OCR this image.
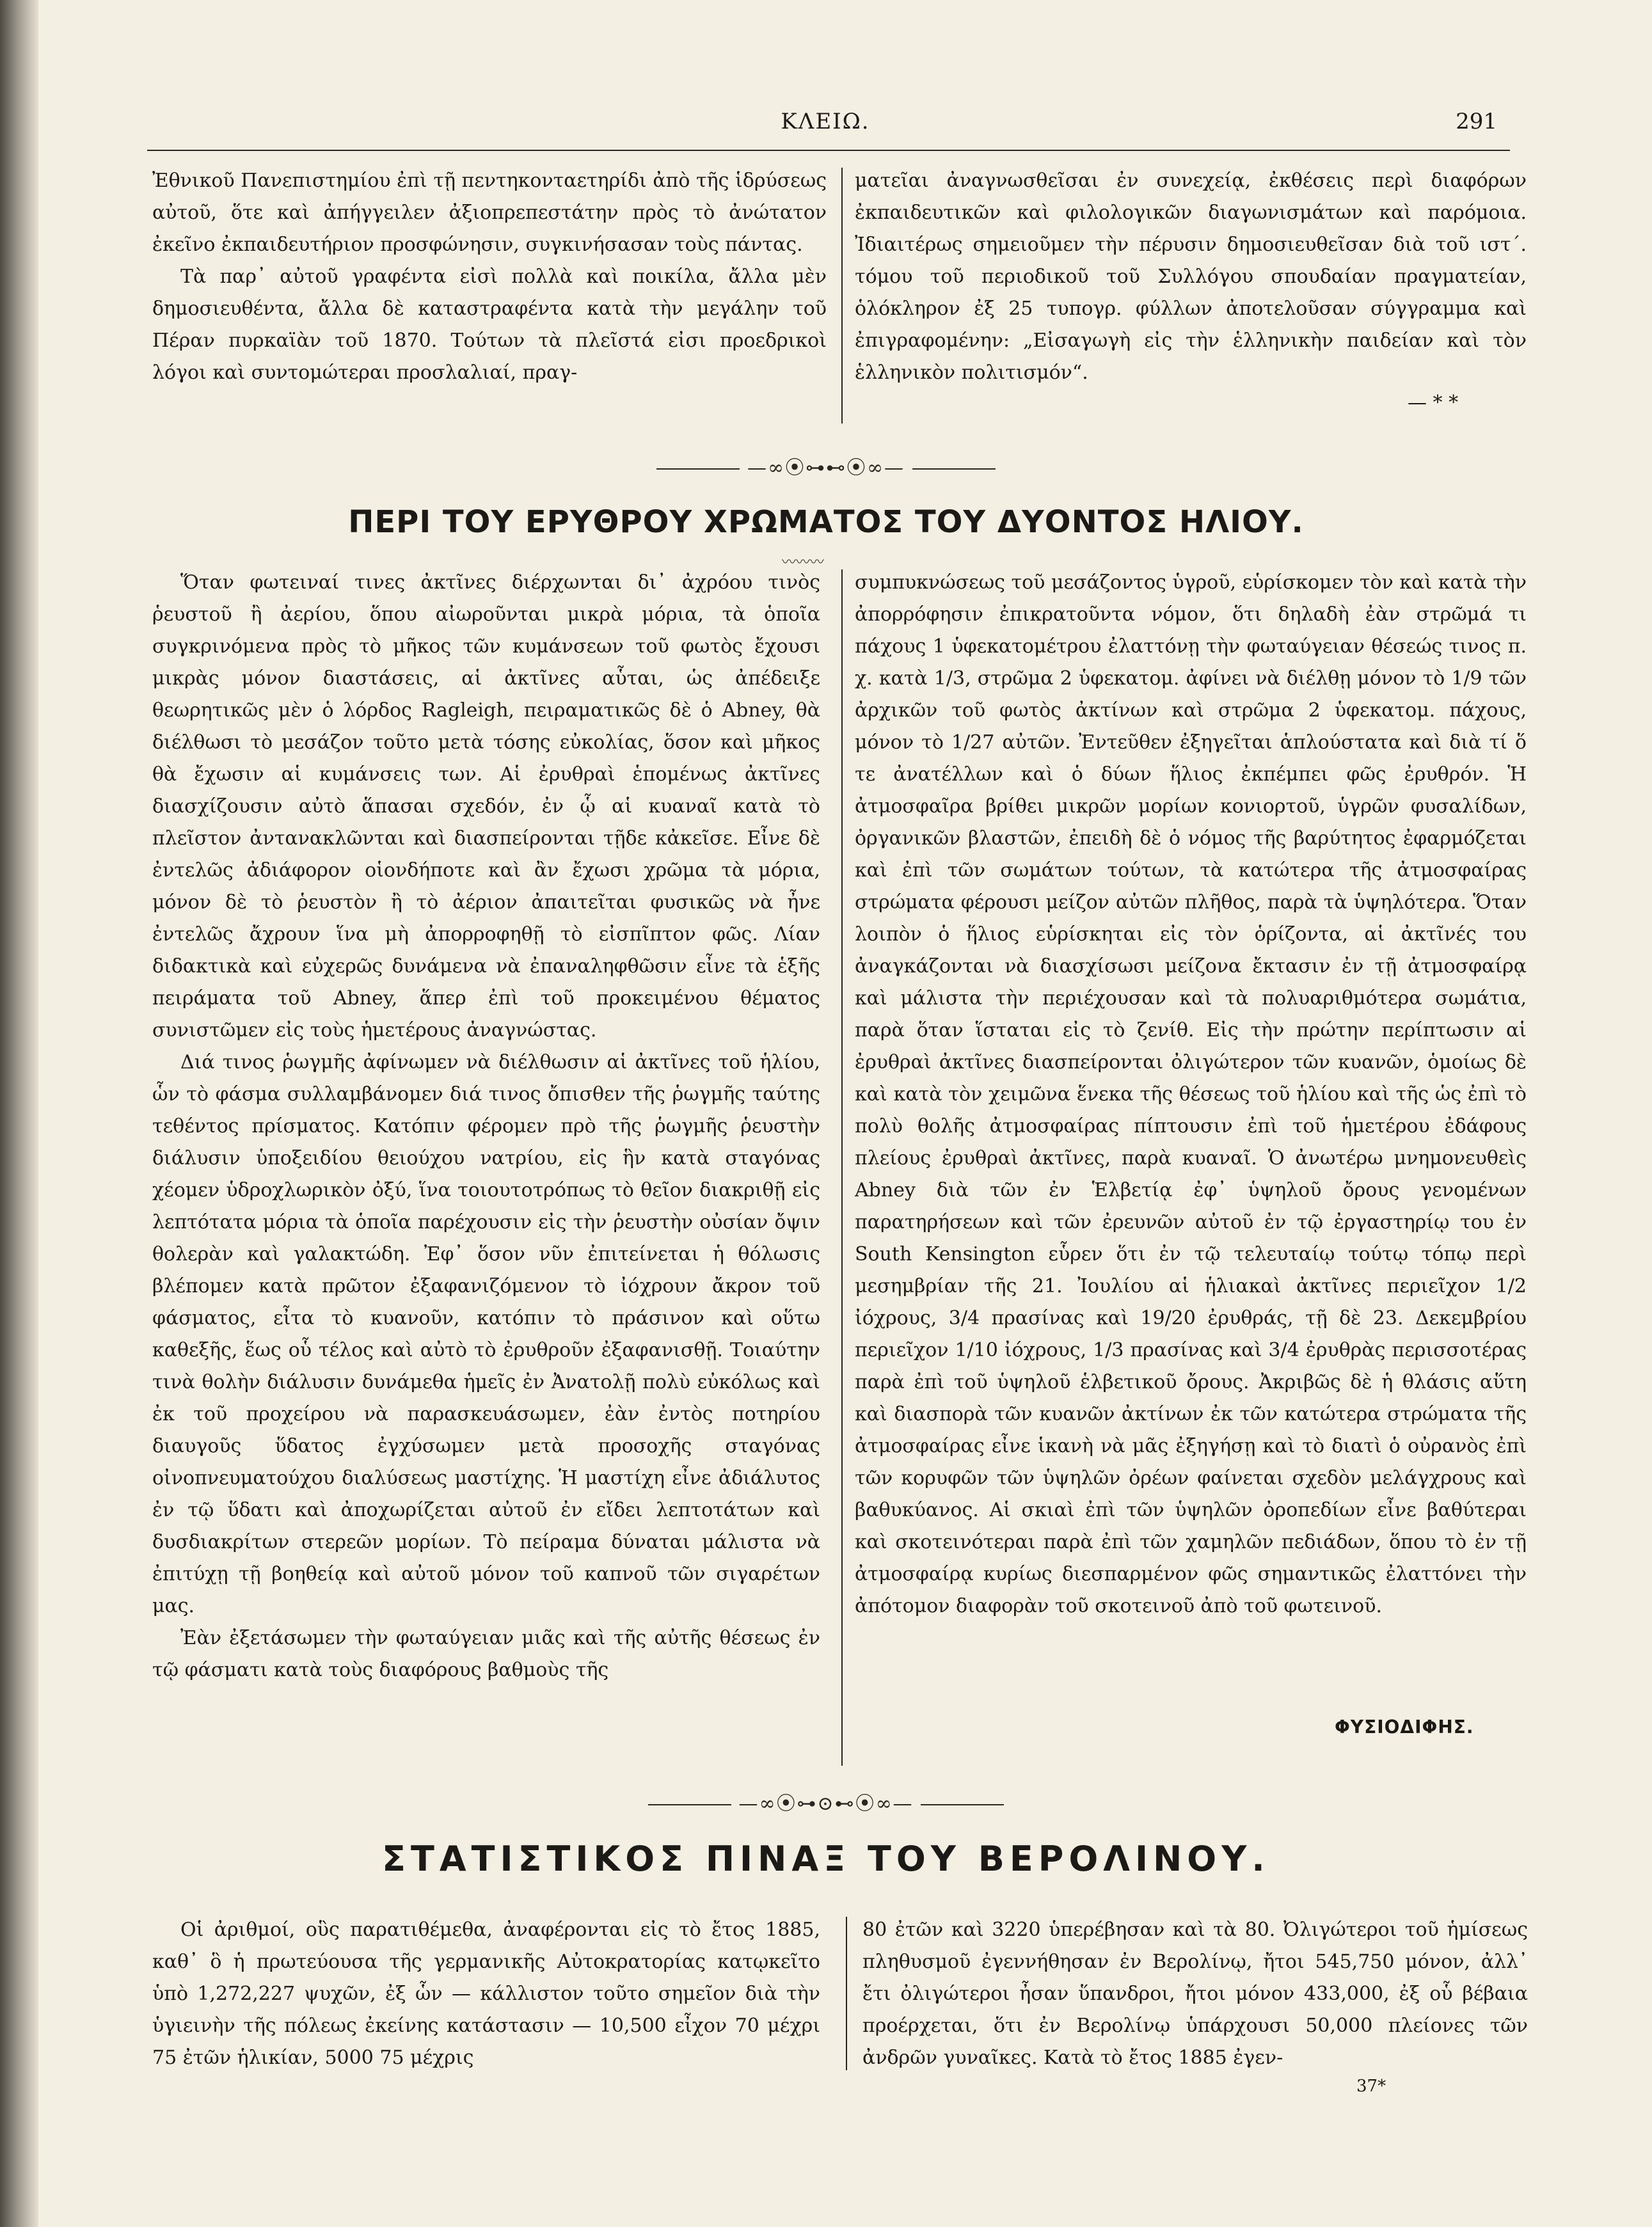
ΚΛΕΙΩ.	291

Ἐθνικοῦ Πανεπιστημίου ἐπὶ τῇ πεντηκονταετηρίδι ἀπὸ τῆς ἱδρύσεως αὐτοῦ, ὅτε καὶ ἀπήγγειλεν ἀξιοπρεπεστάτην πρὸς τὸ ἀνώτατον ἐκεῖνο ἐκπαιδευτήριον προσφώνησιν, συγκινήσασαν τοὺς πάντας.

Τὰ παρ᾽ αὐτοῦ γραφέντα εἰσὶ πολλὰ καὶ ποικίλα, ἄλλα μὲν δημοσιευθέντα, ἄλλα δὲ καταστραφέντα κατὰ τὴν μεγάλην τοῦ Πέραν πυρκαϊὰν τοῦ 1870. Τούτων τὰ πλεῖστά εἰσι προεδρικοὶ λόγοι καὶ συντομώτεραι προσλαλιαί, πραγ-

ματεῖαι ἀναγνωσθεῖσαι ἐν συνεχείᾳ, ἐκθέσεις περὶ διαφόρων ἐκπαιδευτικῶν καὶ φιλολογικῶν διαγωνισμάτων καὶ παρόμοια. Ἰδιαιτέρως σημειοῦμεν τὴν πέρυσιν δημοσιευθεῖσαν διὰ τοῦ ιστ΄. τόμου τοῦ περιοδικοῦ τοῦ Συλλόγου σπουδαίαν πραγματείαν, ὁλόκληρον ἐξ 25 τυπογρ. φύλλων ἀποτελοῦσαν σύγγραμμα καὶ ἐπιγραφομένην: „Εἰσαγωγὴ εἰς τὴν ἑλληνικὴν παιδείαν καὶ τὸν ἑλληνικὸν πολιτισμόν“.

— * *
—∞⦿⊶⊷⦿∞—
ΠΕΡΙ ΤΟΥ ΕΡΥΘΡΟΥ ΧΡΩΜΑΤΟΣ ΤΟΥ ΔΥΟΝΤΟΣ ΗΛΙΟΥ.
〰〰〰

Ὅταν φωτειναί τινες ἀκτῖνες διέρχωνται δι᾽ ἀχρόου τινὸς ῥευστοῦ ἢ ἀερίου, ὅπου αἰωροῦνται μικρὰ μόρια, τὰ ὁποῖα συγκρινόμενα πρὸς τὸ μῆκος τῶν κυμάνσεων τοῦ φωτὸς ἔχουσι μικρὰς μόνον διαστάσεις, αἱ ἀκτῖνες αὗται, ὡς ἀπέδειξε θεωρητικῶς μὲν ὁ λόρδος Ragleigh, πειραματικῶς δὲ ὁ Abney, θὰ διέλθωσι τὸ μεσάζον τοῦτο μετὰ τόσης εὐκολίας, ὅσον καὶ μῆκος θὰ ἔχωσιν αἱ κυμάνσεις των. Αἱ ἐρυθραὶ ἑπομένως ἀκτῖνες διασχίζουσιν αὐτὸ ἅπασαι σχεδόν, ἐν ᾧ αἱ κυαναῖ κατὰ τὸ πλεῖστον ἀντανακλῶνται καὶ διασπείρονται τῇδε κἀκεῖσε. Εἶνε δὲ ἐντελῶς ἀδιάφορον οἱονδήποτε καὶ ἂν ἔχωσι χρῶμα τὰ μόρια, μόνον δὲ τὸ ῥευστὸν ἢ τὸ ἀέριον ἀπαιτεῖται φυσικῶς νὰ ἦνε ἐντελῶς ἄχρουν ἵνα μὴ ἀπορροφηθῇ τὸ εἰσπῖπτον φῶς. Λίαν διδακτικὰ καὶ εὐχερῶς δυνάμενα νὰ ἐπαναληφθῶσιν εἶνε τὰ ἑξῆς πειράματα τοῦ Abney, ἅπερ ἐπὶ τοῦ προκειμένου θέματος συνιστῶμεν εἰς τοὺς ἡμετέρους ἀναγνώστας.

Διά τινος ῥωγμῆς ἀφίνωμεν νὰ διέλθωσιν αἱ ἀκτῖνες τοῦ ἡλίου, ὧν τὸ φάσμα συλλαμβάνομεν διά τινος ὄπισθεν τῆς ῥωγμῆς ταύτης τεθέντος πρίσματος. Κατόπιν φέρομεν πρὸ τῆς ῥωγμῆς ῥευστὴν διάλυσιν ὑποξειδίου θειούχου νατρίου, εἰς ἣν κατὰ σταγόνας χέομεν ὑδροχλωρικὸν ὀξύ, ἵνα τοιουτοτρόπως τὸ θεῖον διακριθῇ εἰς λεπτότατα μόρια τὰ ὁποῖα παρέχουσιν εἰς τὴν ῥευστὴν οὐσίαν ὄψιν θολερὰν καὶ γαλακτώδη. Ἐφ᾽ ὅσον νῦν ἐπιτείνεται ἡ θόλωσις βλέπομεν κατὰ πρῶτον ἐξαφανιζόμενον τὸ ἰόχρουν ἄκρον τοῦ φάσματος, εἶτα τὸ κυανοῦν, κατόπιν τὸ πράσινον καὶ οὕτω καθεξῆς, ἕως οὗ τέλος καὶ αὐτὸ τὸ ἐρυθροῦν ἐξαφανισθῇ. Τοιαύτην τινὰ θολὴν διάλυσιν δυνάμεθα ἡμεῖς ἐν Ἀνατολῇ πολὺ εὐκόλως καὶ ἐκ τοῦ προχείρου νὰ παρασκευάσωμεν, ἐὰν ἐντὸς ποτηρίου διαυγοῦς ὕδατος ἐγχύσωμεν μετὰ προσοχῆς σταγόνας οἰνοπνευματούχου διαλύσεως μαστίχης. Ἡ μαστίχη εἶνε ἀδιάλυτος ἐν τῷ ὕδατι καὶ ἀποχωρίζεται αὐτοῦ ἐν εἴδει λεπτοτάτων καὶ δυσδιακρίτων στερεῶν μορίων. Τὸ πείραμα δύναται μάλιστα νὰ ἐπιτύχῃ τῇ βοηθείᾳ καὶ αὐτοῦ μόνον τοῦ καπνοῦ τῶν σιγαρέτων μας.

Ἐὰν ἐξετάσωμεν τὴν φωταύγειαν μιᾶς καὶ τῆς αὐτῆς θέσεως ἐν τῷ φάσματι κατὰ τοὺς διαφόρους βαθμοὺς τῆς

συμπυκνώσεως τοῦ μεσάζοντος ὑγροῦ, εὑρίσκομεν τὸν καὶ κατὰ τὴν ἀπορρόφησιν ἐπικρατοῦντα νόμον, ὅτι δηλαδὴ ἐὰν στρῶμά τι πάχους 1 ὑφεκατομέτρου ἐλαττόνῃ τὴν φωταύγειαν θέσεώς τινος π. χ. κατὰ 1/3, στρῶμα 2 ὑφεκατομ. ἀφίνει νὰ διέλθῃ μόνον τὸ 1/9 τῶν ἀρχικῶν τοῦ φωτὸς ἀκτίνων καὶ στρῶμα 2 ὑφεκατομ. πάχους, μόνον τὸ 1/27 αὐτῶν. Ἐντεῦθεν ἐξηγεῖται ἁπλούστατα καὶ διὰ τί ὅ τε ἀνατέλλων καὶ ὁ δύων ἥλιος ἐκπέμπει φῶς ἐρυθρόν. Ἡ ἀτμοσφαῖρα βρίθει μικρῶν μορίων κονιορτοῦ, ὑγρῶν φυσαλίδων, ὀργανικῶν βλαστῶν, ἐπειδὴ δὲ ὁ νόμος τῆς βαρύτητος ἐφαρμόζεται καὶ ἐπὶ τῶν σωμάτων τούτων, τὰ κατώτερα τῆς ἀτμοσφαίρας στρώματα φέρουσι μείζον αὐτῶν πλῆθος, παρὰ τὰ ὑψηλότερα. Ὅταν λοιπὸν ὁ ἥλιος εὑρίσκηται εἰς τὸν ὁρίζοντα, αἱ ἀκτῖνές του ἀναγκάζονται νὰ διασχίσωσι μείζονα ἔκτασιν ἐν τῇ ἀτμοσφαίρᾳ καὶ μάλιστα τὴν περιέχουσαν καὶ τὰ πολυαριθμότερα σωμάτια, παρὰ ὅταν ἵσταται εἰς τὸ ζενίθ. Εἰς τὴν πρώτην περίπτωσιν αἱ ἐρυθραὶ ἀκτῖνες διασπείρονται ὀλιγώτερον τῶν κυανῶν, ὁμοίως δὲ καὶ κατὰ τὸν χειμῶνα ἕνεκα τῆς θέσεως τοῦ ἡλίου καὶ τῆς ὡς ἐπὶ τὸ πολὺ θολῆς ἀτμοσφαίρας πίπτουσιν ἐπὶ τοῦ ἡμετέρου ἐδάφους πλείους ἐρυθραὶ ἀκτῖνες, παρὰ κυαναῖ. Ὁ ἀνωτέρω μνημονευθεὶς Abney διὰ τῶν ἐν Ἑλβετίᾳ ἐφ᾽ ὑψηλοῦ ὄρους γενομένων παρατηρήσεων καὶ τῶν ἐρευνῶν αὐτοῦ ἐν τῷ ἐργαστηρίῳ του ἐν South Kensington εὗρεν ὅτι ἐν τῷ τελευταίῳ τούτῳ τόπῳ περὶ μεσημβρίαν τῆς 21. Ἰουλίου αἱ ἡλιακαὶ ἀκτῖνες περιεῖχον 1/2 ἰόχρους, 3/4 πρασίνας καὶ 19/20 ἐρυθράς, τῇ δὲ 23. Δεκεμβρίου περιεῖχον 1/10 ἰόχρους, 1/3 πρασίνας καὶ 3/4 ἐρυθρὰς περισσοτέρας παρὰ ἐπὶ τοῦ ὑψηλοῦ ἑλβετικοῦ ὄρους. Ἀκριβῶς δὲ ἡ θλάσις αὕτη καὶ διασπορὰ τῶν κυανῶν ἀκτίνων ἐκ τῶν κατώτερα στρώματα τῆς ἀτμοσφαίρας εἶνε ἱκανὴ νὰ μᾶς ἐξηγήσῃ καὶ τὸ διατὶ ὁ οὐρανὸς ἐπὶ τῶν κορυφῶν τῶν ὑψηλῶν ὀρέων φαίνεται σχεδὸν μελάγχρους καὶ βαθυκύανος. Αἱ σκιαὶ ἐπὶ τῶν ὑψηλῶν ὀροπεδίων εἶνε βαθύτεραι καὶ σκοτεινότεραι παρὰ ἐπὶ τῶν χαμηλῶν πεδιάδων, ὅπου τὸ ἐν τῇ ἀτμοσφαίρᾳ κυρίως διεσπαρμένον φῶς σημαντικῶς ἐλαττόνει τὴν ἀπότομον διαφορὰν τοῦ σκοτεινοῦ ἀπὸ τοῦ φωτεινοῦ.

ΦΥΣΙΟΔΙΦΗΣ.
—∞⦿⊶⊙⊷⦿∞—
ΣΤΑΤΙΣΤΙΚΟΣ ΠΙΝΑΞ ΤΟΥ ΒΕΡΟΛΙΝΟΥ.

Οἱ ἀριθμοί, οὓς παρατιθέμεθα, ἀναφέρονται εἰς τὸ ἔτος 1885, καθ᾽ ὃ ἡ πρωτεύουσα τῆς γερμανικῆς Αὐτοκρατορίας κατῳκεῖτο ὑπὸ 1,272,227 ψυχῶν, ἐξ ὧν — κάλλιστον τοῦτο σημεῖον διὰ τὴν ὑγιεινὴν τῆς πόλεως ἐκείνης κατάστασιν — 10,500 εἶχον 70 μέχρι 75 ἐτῶν ἡλικίαν, 5000 75 μέχρις

80 ἐτῶν καὶ 3220 ὑπερέβησαν καὶ τὰ 80. Ὀλιγώτεροι τοῦ ἡμίσεως πληθυσμοῦ ἐγεννήθησαν ἐν Βερολίνῳ, ἤτοι 545,750 μόνον, ἀλλ᾽ ἔτι ὀλιγώτεροι ἦσαν ὕπανδροι, ἤτοι μόνον 433,000, ἐξ οὗ βέβαια προέρχεται, ὅτι ἐν Βερολίνῳ ὑπάρχουσι 50,000 πλείονες τῶν ἀνδρῶν γυναῖκες. Κατὰ τὸ ἔτος 1885 ἐγεν-

37*
